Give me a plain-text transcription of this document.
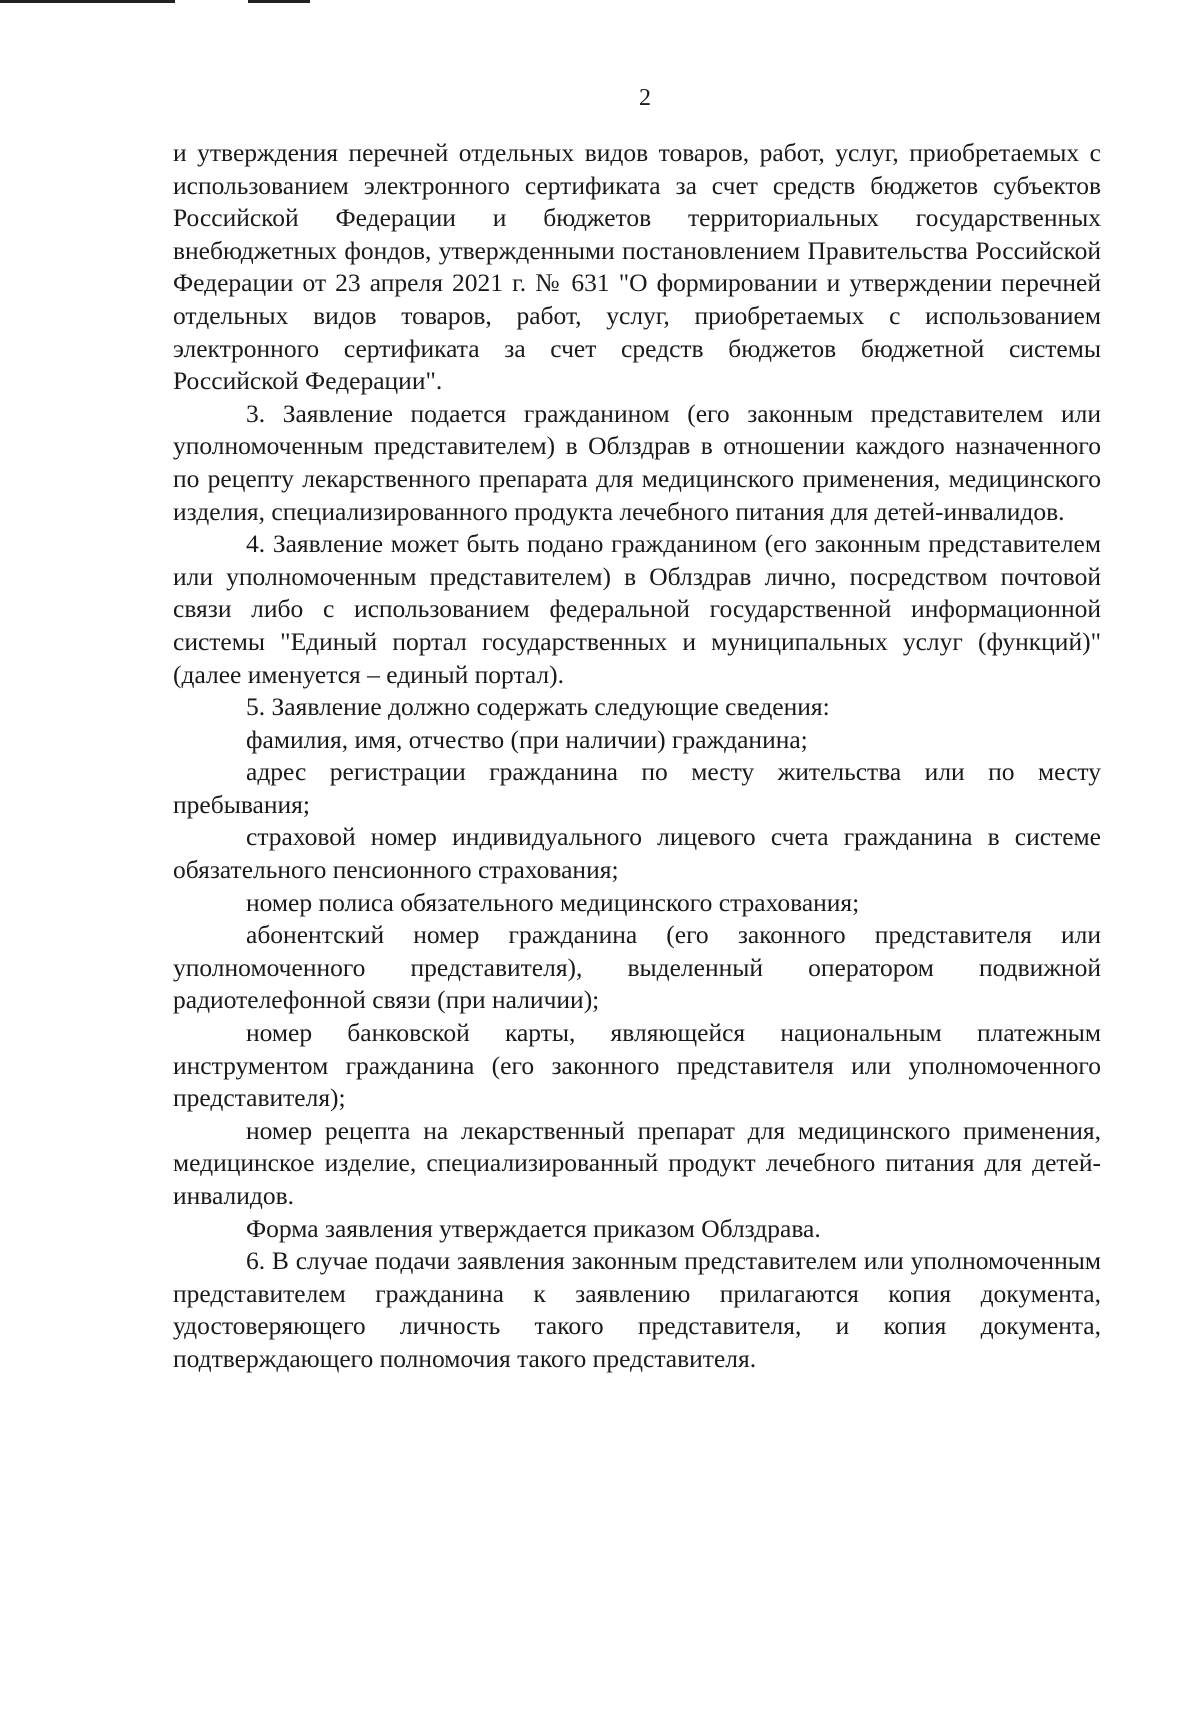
2

и утверждения перечней отдельных видов товаров, работ, услуг, приобретаемых с использованием электронного сертификата за счет средств бюджетов субъектов Российской Федерации и бюджетов территориальных государственных внебюджетных фондов, утвержденными постановлением Правительства Российской Федерации от 23 апреля 2021 г. № 631 "О формировании и утверждении перечней отдельных видов товаров, работ, услуг, приобретаемых с использованием электронного сертификата за счет средств бюджетов бюджетной системы Российской Федерации".

3. Заявление подается гражданином (его законным представителем или уполномоченным представителем) в Облздрав в отношении каждого назначенного по рецепту лекарственного препарата для медицинского применения, медицинского изделия, специализированного продукта лечебного питания для детей-инвалидов.

4. Заявление может быть подано гражданином (его законным представителем или уполномоченным представителем) в Облздрав лично, посредством почтовой связи либо с использованием федеральной государственной информационной системы "Единый портал государственных и муниципальных услуг (функций)" (далее именуется – единый портал).

5. Заявление должно содержать следующие сведения:

фамилия, имя, отчество (при наличии) гражданина;

адрес регистрации гражданина по месту жительства или по месту пребывания;

страховой номер индивидуального лицевого счета гражданина в системе обязательного пенсионного страхования;

номер полиса обязательного медицинского страхования;

абонентский номер гражданина (его законного представителя или уполномоченного представителя), выделенный оператором подвижной радиотелефонной связи (при наличии);

номер банковской карты, являющейся национальным платежным инструментом гражданина (его законного представителя или уполномоченного представителя);

номер рецепта на лекарственный препарат для медицинского применения, медицинское изделие, специализированный продукт лечебного питания для детей-инвалидов.

Форма заявления утверждается приказом Облздрава.

6. В случае подачи заявления законным представителем или уполномоченным представителем гражданина к заявлению прилагаются копия документа, удостоверяющего личность такого представителя, и копия документа, подтверждающего полномочия такого представителя.
